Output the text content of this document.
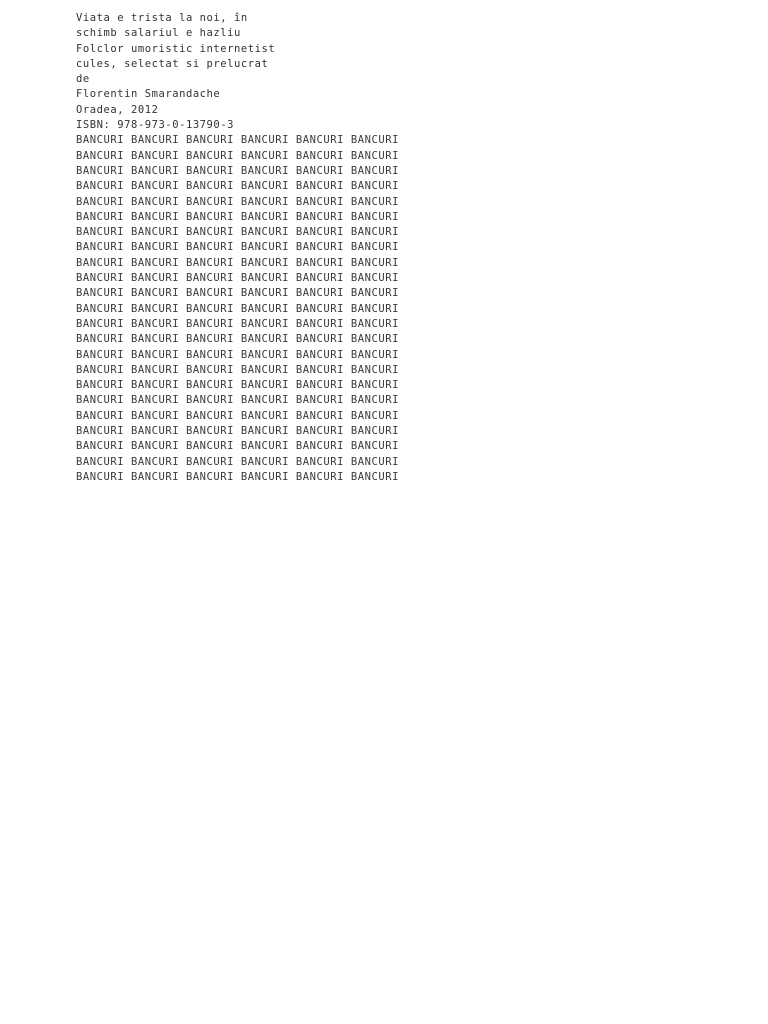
Viata e trista la noi, în
schimb salariul e hazliu
Folclor umoristic internetist
cules, selectat si prelucrat
de
Florentin Smarandache
Oradea, 2012
ISBN: 978-973-0-13790-3
BANCURI BANCURI BANCURI BANCURI BANCURI BANCURI
BANCURI BANCURI BANCURI BANCURI BANCURI BANCURI
BANCURI BANCURI BANCURI BANCURI BANCURI BANCURI
BANCURI BANCURI BANCURI BANCURI BANCURI BANCURI
BANCURI BANCURI BANCURI BANCURI BANCURI BANCURI
BANCURI BANCURI BANCURI BANCURI BANCURI BANCURI
BANCURI BANCURI BANCURI BANCURI BANCURI BANCURI
BANCURI BANCURI BANCURI BANCURI BANCURI BANCURI
BANCURI BANCURI BANCURI BANCURI BANCURI BANCURI
BANCURI BANCURI BANCURI BANCURI BANCURI BANCURI
BANCURI BANCURI BANCURI BANCURI BANCURI BANCURI
BANCURI BANCURI BANCURI BANCURI BANCURI BANCURI
BANCURI BANCURI BANCURI BANCURI BANCURI BANCURI
BANCURI BANCURI BANCURI BANCURI BANCURI BANCURI
BANCURI BANCURI BANCURI BANCURI BANCURI BANCURI
BANCURI BANCURI BANCURI BANCURI BANCURI BANCURI
BANCURI BANCURI BANCURI BANCURI BANCURI BANCURI
BANCURI BANCURI BANCURI BANCURI BANCURI BANCURI
BANCURI BANCURI BANCURI BANCURI BANCURI BANCURI
BANCURI BANCURI BANCURI BANCURI BANCURI BANCURI
BANCURI BANCURI BANCURI BANCURI BANCURI BANCURI
BANCURI BANCURI BANCURI BANCURI BANCURI BANCURI
BANCURI BANCURI BANCURI BANCURI BANCURI BANCURI
